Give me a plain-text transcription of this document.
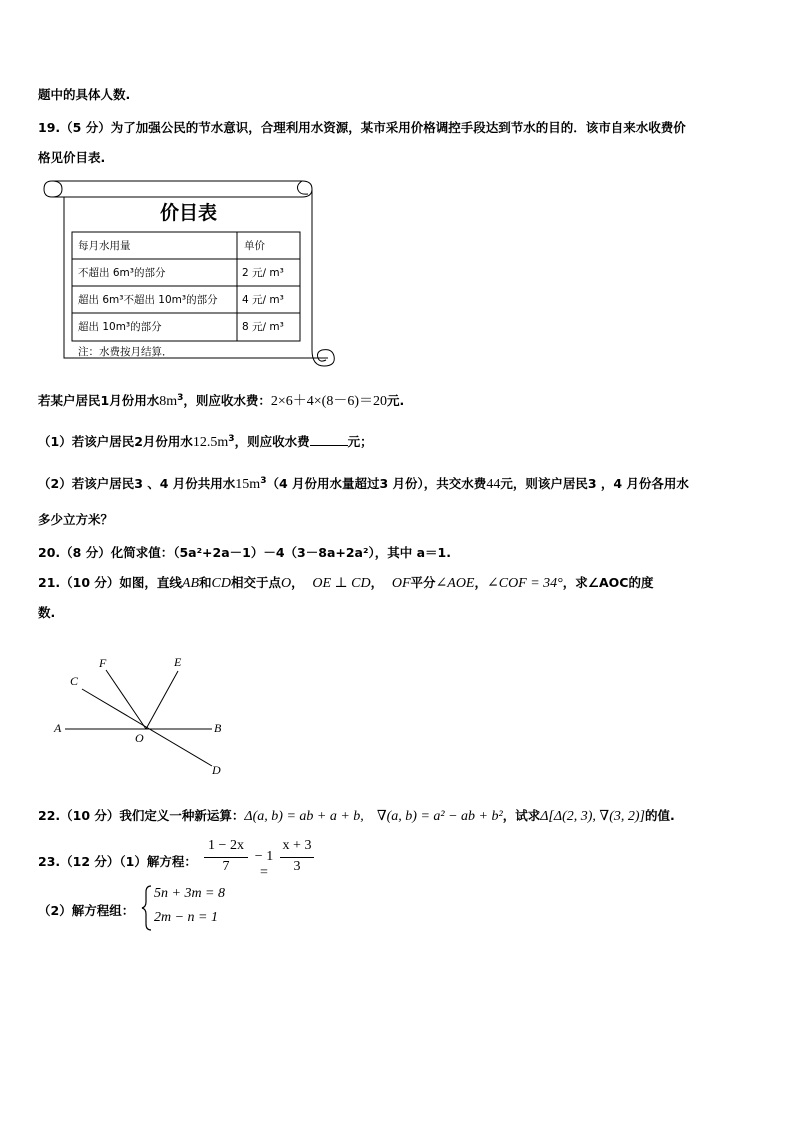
题中的具体人数.
19.（5 分）为了加强公民的节水意识，合理利用水资源，某市采用价格调控手段达到节水的目的．该市自来水收费价
格见价目表.
价目表
每月水用量	单价
不超出 6m³的部分	2 元∕ m³
超出 6m³不超出 10m³的部分 4 元∕ m³
超出 10m³的部分	8 元∕ m³
注：水费按月结算．
若某户居民1月份用水$8m^3$，则应收水费：2×6＋4×(8－6)＝20元.
（1）若该户居民2月份用水$12.5m^3$，则应收水费	元；
（2）若该户居民3 、4 月份共用水$15m^3(4$ 月份用水量超过3 月份），共交水费44元，则该户居民3 ，4 月份各用水
多少立方米？
20.（8 分）化简求值：（5a²+2a－1）－4（3－8a+2a²），其中 a＝1.
21.（10 分）如图，直线AB和CD相交于点O，  OE ⊥ CD，  OF平分∠AOE，∠COF = 34°，求∠AOC的度
数.
A	B
C
D
E
F
O
22.（10 分）我们定义一种新运算：Δ(a, b) = ab + a + b, ∇(a, b) = a² − ab + b²，试求Δ[Δ(2, 3), ∇(3, 2)]的值.
23.（12 分）（1）解方程：
1 − 2x
7
− 1 =
x + 3
3
（2）解方程组：
5n + 3m = 8
2m − n = 1
